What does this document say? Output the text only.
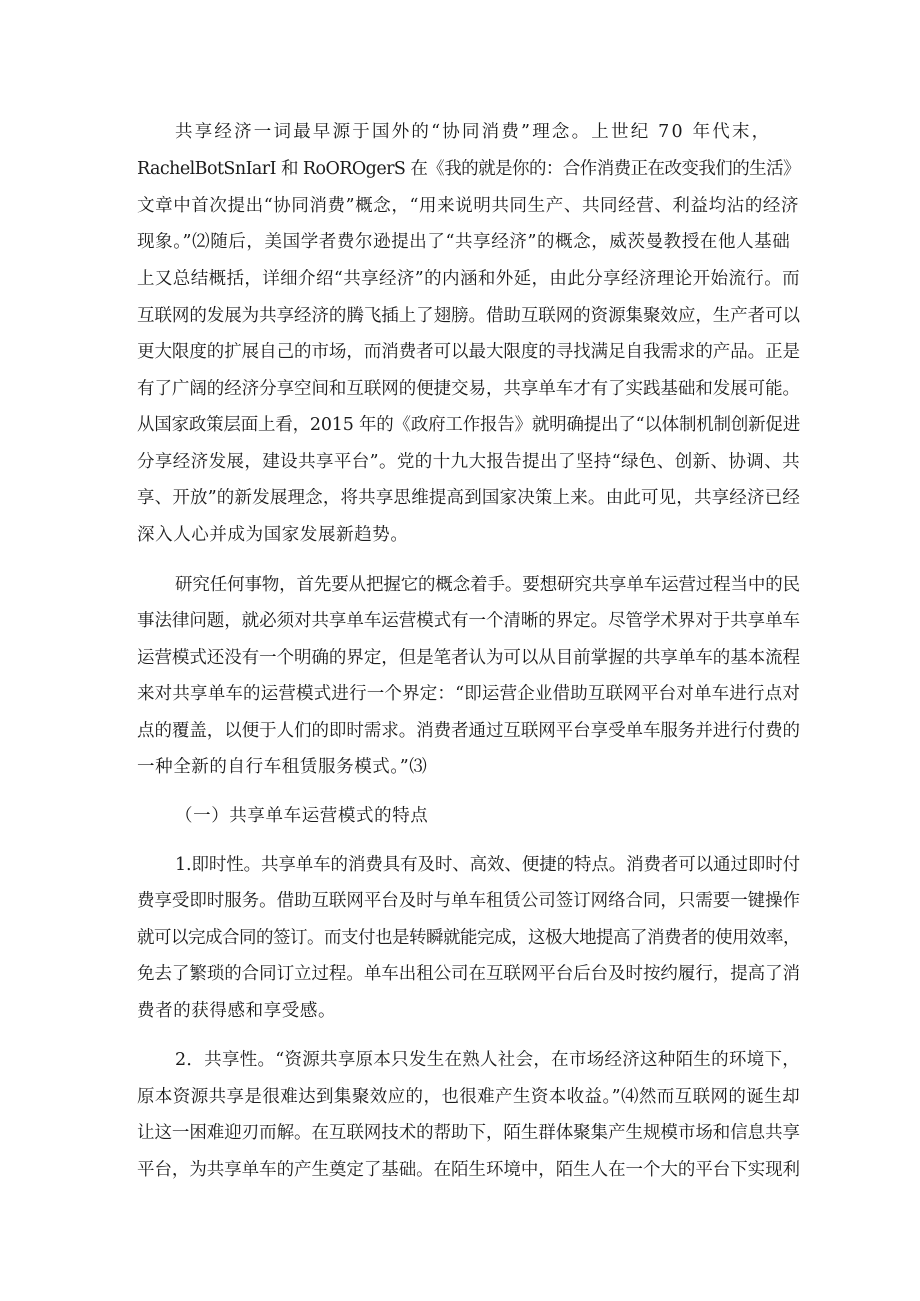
共享经济一词最早源于国外的“协同消费”理念。上世纪 70 年代末，
RachelBotSnIarI 和 RoOROgerS 在《我的就是你的：合作消费正在改变我们的生活》
文章中首次提出“协同消费”概念，“用来说明共同生产、共同经营、利益均沾的经济
现象。”⑵随后，美国学者费尔逊提出了“共享经济”的概念，威茨曼教授在他人基础
上又总结概括，详细介绍“共享经济”的内涵和外延，由此分享经济理论开始流行。而
互联网的发展为共享经济的腾飞插上了翅膀。借助互联网的资源集聚效应，生产者可以
更大限度的扩展自己的市场，而消费者可以最大限度的寻找满足自我需求的产品。正是
有了广阔的经济分享空间和互联网的便捷交易，共享单车才有了实践基础和发展可能。
从国家政策层面上看，2015 年的《政府工作报告》就明确提出了“以体制机制创新促进
分享经济发展，建设共享平台”。党的十九大报告提出了坚持“绿色、创新、协调、共
享、开放”的新发展理念，将共享思维提高到国家决策上来。由此可见，共享经济已经
深入人心并成为国家发展新趋势。
研究任何事物，首先要从把握它的概念着手。要想研究共享单车运营过程当中的民
事法律问题，就必须对共享单车运营模式有一个清晰的界定。尽管学术界对于共享单车
运营模式还没有一个明确的界定，但是笔者认为可以从目前掌握的共享单车的基本流程
来对共享单车的运营模式进行一个界定：“即运营企业借助互联网平台对单车进行点对
点的覆盖，以便于人们的即时需求。消费者通过互联网平台享受单车服务并进行付费的
一种全新的自行车租赁服务模式。”⑶
（一）共享单车运营模式的特点
1.即时性。共享单车的消费具有及时、高效、便捷的特点。消费者可以通过即时付
费享受即时服务。借助互联网平台及时与单车租赁公司签订网络合同，只需要一键操作
就可以完成合同的签订。而支付也是转瞬就能完成，这极大地提高了消费者的使用效率，
免去了繁琐的合同订立过程。单车出租公司在互联网平台后台及时按约履行，提高了消
费者的获得感和享受感。
2．共享性。“资源共享原本只发生在熟人社会，在市场经济这种陌生的环境下，
原本资源共享是很难达到集聚效应的，也很难产生资本收益。”⑷然而互联网的诞生却
让这一困难迎刃而解。在互联网技术的帮助下，陌生群体聚集产生规模市场和信息共享
平台，为共享单车的产生奠定了基础。在陌生环境中，陌生人在一个大的平台下实现利
